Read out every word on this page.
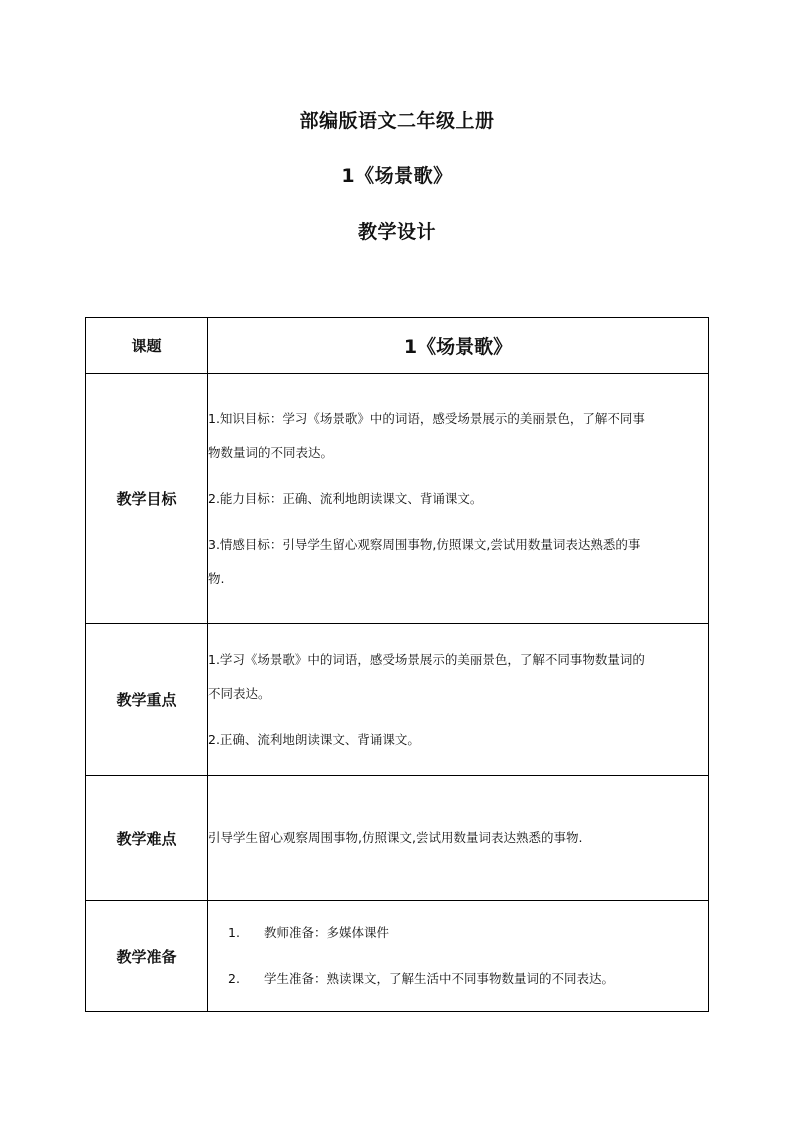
部编版语文二年级上册
1《场景歌》
教学设计
课题	1《场景歌》
教学目标	1.知识目标：学习《场景歌》中的词语，感受场景展示的美丽景色，了解不同事
物数量词的不同表达。
2.能力目标：正确、流利地朗读课文、背诵课文。
3.情感目标：引导学生留心观察周围事物,仿照课文,尝试用数量词表达熟悉的事
物.

教学重点	1.学习《场景歌》中的词语，感受场景展示的美丽景色，了解不同事物数量词的
不同表达。
2.正确、流利地朗读课文、背诵课文。

教学难点	引导学生留心观察周围事物,仿照课文,尝试用数量词表达熟悉的事物.

教学准备	1. 教师准备：多媒体课件
2. 学生准备：熟读课文，了解生活中不同事物数量词的不同表达。
